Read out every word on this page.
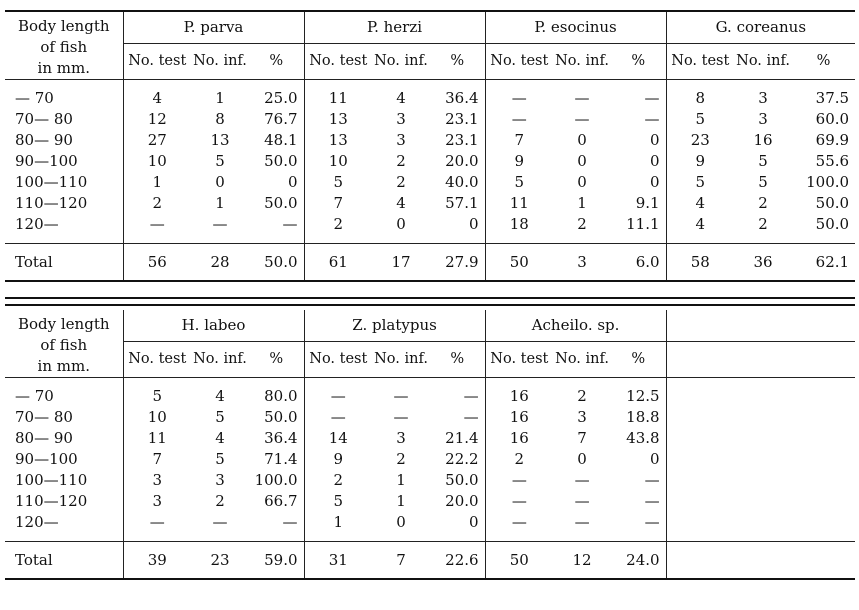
Body length
of fish
in mm.	P. parva			P. herzi			P. esocinus			G. coreanus		
	No. test	No. inf.	%	No. test	No. inf.	%	No. test	No. inf.	%	No. test	No. inf.	%
— 70	4	1	25.0	11	4	36.4	—	—	—	8	3	37.5
70— 80	12	8	76.7	13	3	23.1	—	—	—	5	3	60.0
80— 90	27	13	48.1	13	3	23.1	7	0	0	23	16	69.9
90—100	10	5	50.0	10	2	20.0	9	0	0	9	5	55.6
100—110	1	0	0	5	2	40.0	5	0	0	5	5	100.0
110—120	2	1	50.0	7	4	57.1	11	1	9.1	4	2	50.0
120—	—	—	—	2	0	0	18	2	11.1	4	2	50.0
Total	56	28	50.0	61	17	27.9	50	3	6.0	58	36	62.1
Body length
of fish
in mm.	H. labeo			Z. platypus			Acheilo. sp.					
	No. test	No. inf.	%	No. test	No. inf.	%	No. test	No. inf.	%			
— 70	5	4	80.0	—	—	—	16	2	12.5			
70— 80	10	5	50.0	—	—	—	16	3	18.8			
80— 90	11	4	36.4	14	3	21.4	16	7	43.8			
90—100	7	5	71.4	9	2	22.2	2	0	0			
100—110	3	3	100.0	2	1	50.0	—	—	—			
110—120	3	2	66.7	5	1	20.0	—	—	—			
120—	—	—	—	1	0	0	—	—	—			
Total	39	23	59.0	31	7	22.6	50	12	24.0			
